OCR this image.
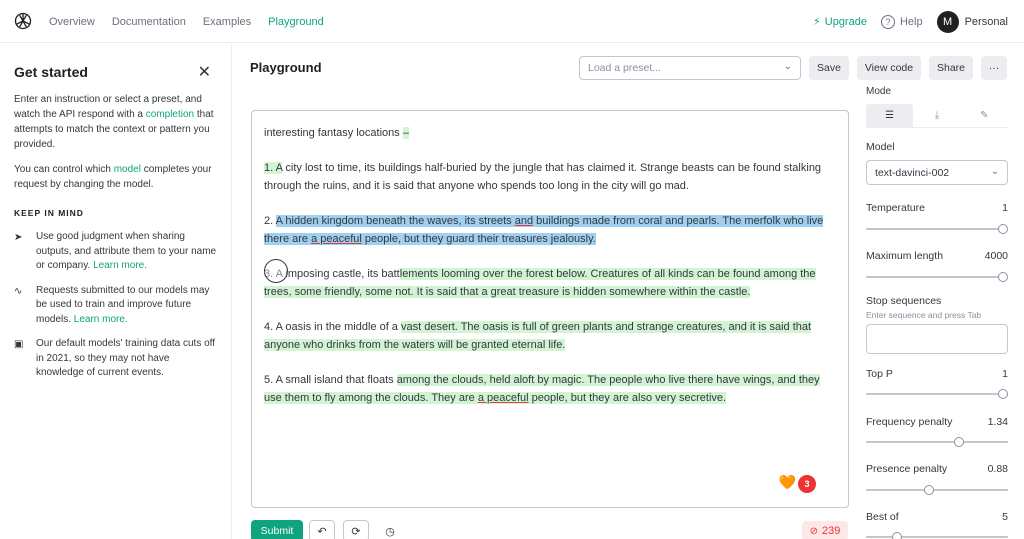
Overview Documentation Examples Playground	⚡ Upgrade	? Help	M	Personal
Get started	✕

Enter an instruction or select a preset, and watch the API respond with a completion that attempts to match the context or pattern you provided.

You can control which model completes your request by changing the model.

KEEP IN MIND
➤	Use good judgment when sharing outputs, and attribute them to your name or company. Learn more.

∿	Requests submitted to our models may be used to train and improve future models. Learn more.

▣	Our default models' training data cuts off in 2021, so they may not have knowledge of current events.

Playground	Load a preset...	⌄	Save	View code	Share	···
interesting fantasy locations –
1. A city lost to time, its buildings half-buried by the jungle that has claimed it. Strange beasts can be found stalking through the ruins, and it is said that anyone who spends too long in the city will go mad.
2. A hidden kingdom beneath the waves, its streets and buildings made from coral and pearls. The merfolk who live there are a peaceful people, but they guard their treasures jealously.
3. A imposing castle, its battlements looming over the forest below. Creatures of all kinds can be found among the trees, some friendly, some not. It is said that a great treasure is hidden somewhere within the castle.
4. A oasis in the middle of a vast desert. The oasis is full of green plants and strange creatures, and it is said that anyone who drinks from the waters will be granted eternal life.
5. A small island that floats among the clouds, held aloft by magic. The people who live there have wings, and they use them to fly among the clouds. They are a peaceful people, but they are also very secretive.
🧡 3
Submit	↶	⟳	◷	⊘ 239
Mode
☰	⤓	✎
Model
text-davinci-002	⌄
Temperature	1
Maximum length	4000
Stop sequences
Enter sequence and press Tab
Top P	1
Frequency penalty	1.34
Presence penalty	0.88
Best of	5
